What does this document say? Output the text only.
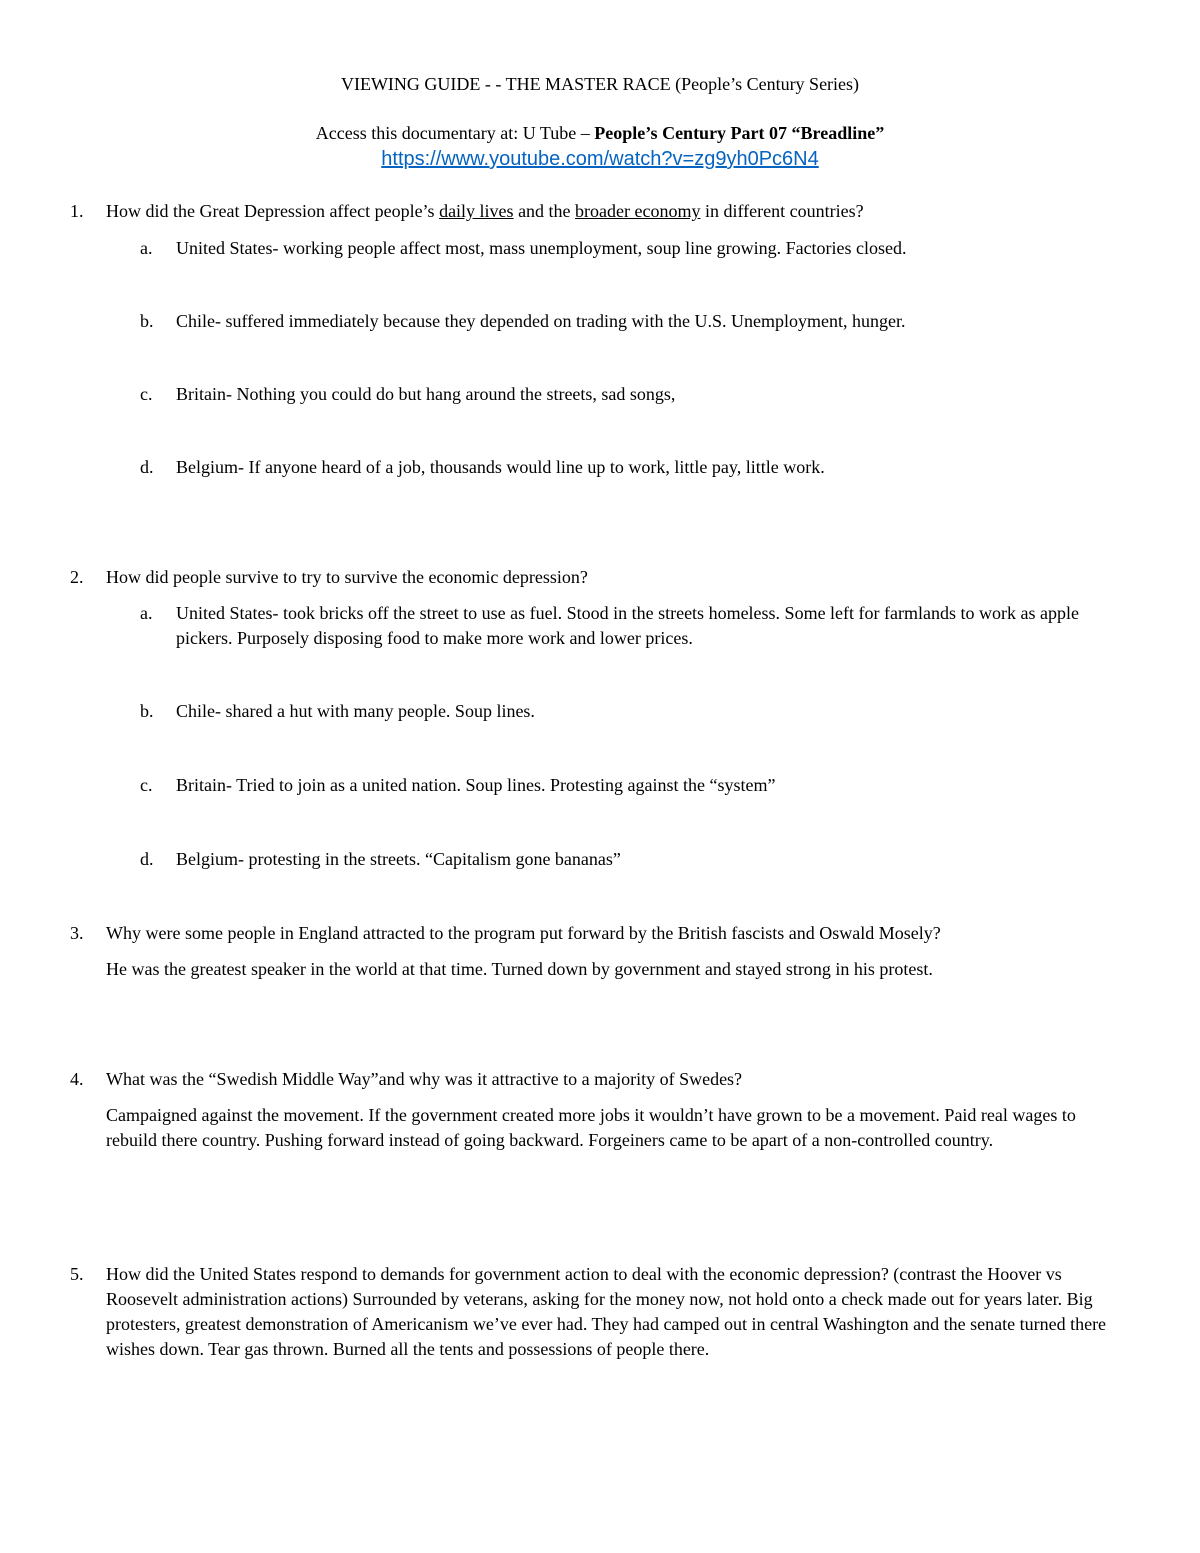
VIEWING GUIDE - - THE MASTER RACE (People’s Century Series)
Access this documentary at: U Tube – People’s Century Part 07 “Breadline”
https://www.youtube.com/watch?v=zg9yh0Pc6N4
1.	How did the Great Depression affect people’s daily lives and the broader economy in different countries?
a.	United States- working people affect most, mass unemployment, soup line growing. Factories closed.
b.	Chile- suffered immediately because they depended on trading with the U.S. Unemployment, hunger.
c.	Britain- Nothing you could do but hang around the streets, sad songs,
d.	Belgium- If anyone heard of a job, thousands would line up to work, little pay, little work.
2.	How did people survive to try to survive the economic depression?
a.	United States- took bricks off the street to use as fuel. Stood in the streets homeless. Some left for farmlands to work as apple pickers. Purposely disposing food to make more work and lower prices.
b.	Chile- shared a hut with many people. Soup lines.
c.	Britain- Tried to join as a united nation. Soup lines. Protesting against the “system”
d.	Belgium- protesting in the streets. “Capitalism gone bananas”
3.	Why were some people in England attracted to the program put forward by the British fascists and Oswald Mosely?
He was the greatest speaker in the world at that time. Turned down by government and stayed strong in his protest.
4.	What was the “Swedish Middle Way”and why was it attractive to a majority of Swedes?
Campaigned against the movement. If the government created more jobs it wouldn’t have grown to be a movement. Paid real wages to rebuild there country. Pushing forward instead of going backward. Forgeiners came to be apart of a non-controlled country.
5.	How did the United States respond to demands for government action to deal with the economic depression? (contrast the Hoover vs Roosevelt administration actions) Surrounded by veterans, asking for the money now, not hold onto a check made out for years later. Big protesters, greatest demonstration of Americanism we’ve ever had. They had camped out in central Washington and the senate turned there wishes down. Tear gas thrown. Burned all the tents and possessions of people there.
